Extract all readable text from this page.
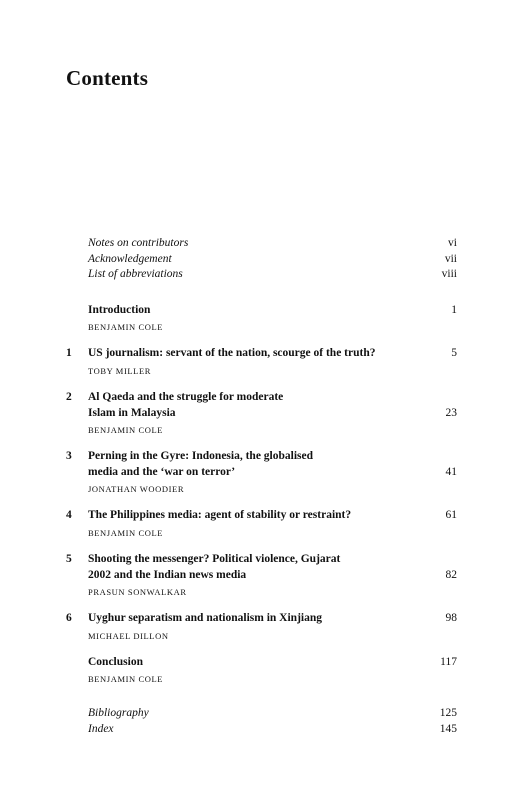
Contents
Notes on contributors	vi
Acknowledgement	vii
List of abbreviations	viii
Introduction	1
BENJAMIN COLE
1 US journalism: servant of the nation, scourge of the truth?	5
TOBY MILLER
2 Al Qaeda and the struggle for moderate
Islam in Malaysia	23
BENJAMIN COLE
3 Perning in the Gyre: Indonesia, the globalised
media and the ‘war on terror’	41
JONATHAN WOODIER
4 The Philippines media: agent of stability or restraint?	61
BENJAMIN COLE
5 Shooting the messenger? Political violence, Gujarat
2002 and the Indian news media	82
PRASUN SONWALKAR
6 Uyghur separatism and nationalism in Xinjiang	98
MICHAEL DILLON
Conclusion	117
BENJAMIN COLE
Bibliography	125
Index	145
